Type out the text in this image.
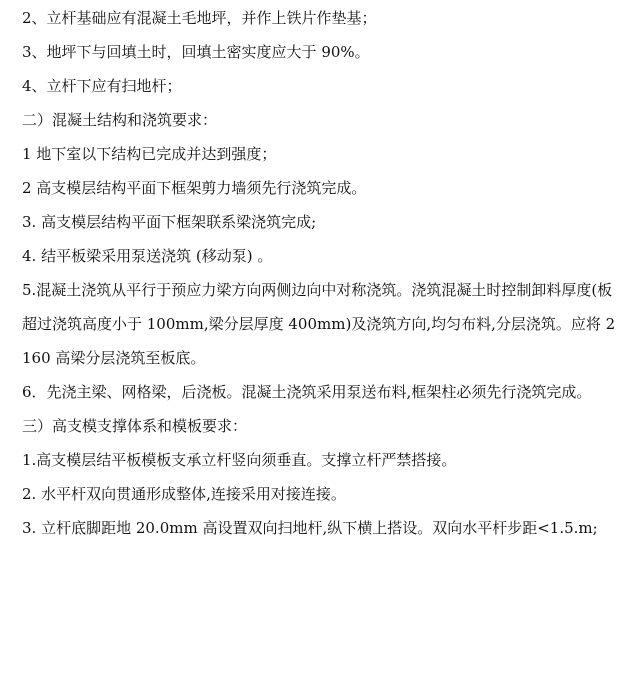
2、立杆基础应有混凝土毛地坪，并作上铁片作垫基；

3、地坪下与回填土时，回填土密实度应大于 90%。

4、立杆下应有扫地杆；

二）混凝土结构和浇筑要求：

1 地下室以下结构已完成并达到强度；

2 高支模层结构平面下框架剪力墙须先行浇筑完成。

3. 高支模层结构平面下框架联系梁浇筑完成;

4. 结平板梁采用泵送浇筑 (移动泵) 。

5.混凝土浇筑从平行于预应力梁方向两侧边向中对称浇筑。浇筑混凝土时控制卸料厚度(板超过浇筑高度小于 100mm,梁分层厚度 400mm)及浇筑方向,均匀布料,分层浇筑。应将 2160 高梁分层浇筑至板底。

6．先浇主梁、网格梁，后浇板。混凝土浇筑采用泵送布料,框架柱必须先行浇筑完成。

三）高支模支撑体系和模板要求：

1.高支模层结平板模板支承立杆竖向须垂直。支撑立杆严禁搭接。

2. 水平杆双向贯通形成整体,连接采用对接连接。

3. 立杆底脚距地 20.0mm 高设置双向扫地杆,纵下横上搭设。双向水平杆步距<1.5.m;
